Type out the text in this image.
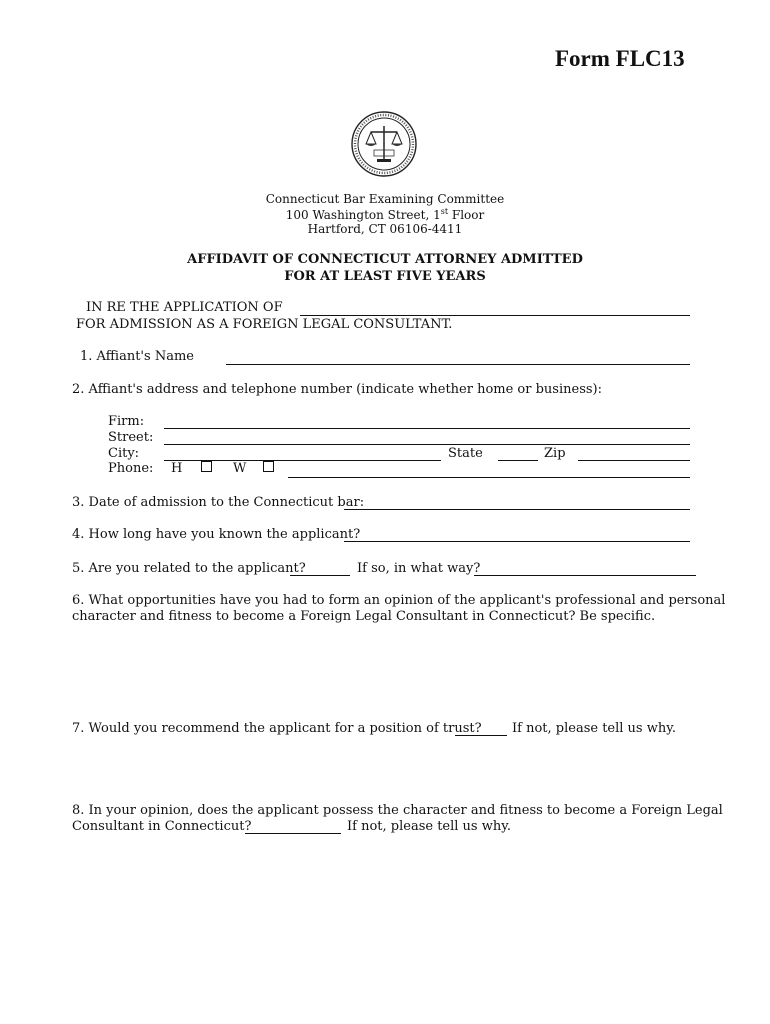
Form FLC13
Connecticut Bar Examining Committee
100 Washington Street, 1st Floor
Hartford, CT 06106-4411
AFFIDAVIT OF CONNECTICUT ATTORNEY ADMITTED
FOR AT LEAST FIVE YEARS
IN RE THE APPLICATION OF
FOR ADMISSION AS A FOREIGN LEGAL CONSULTANT.
1. Affiant's Name
2. Affiant's address and telephone number (indicate whether home or business):
Firm:
Street:
City:	State	Zip
Phone: H	W
3. Date of admission to the Connecticut bar:
4. How long have you known the applicant?
5. Are you related to the applicant?	If so, in what way?
6. What opportunities have you had to form an opinion of the applicant's professional and personal
character and fitness to become a Foreign Legal Consultant in Connecticut? Be specific.
7. Would you recommend the applicant for a position of trust? If not, please tell us why.
8. In your opinion, does the applicant possess the character and fitness to become a Foreign Legal
Consultant in Connecticut?	If not, please tell us why.
